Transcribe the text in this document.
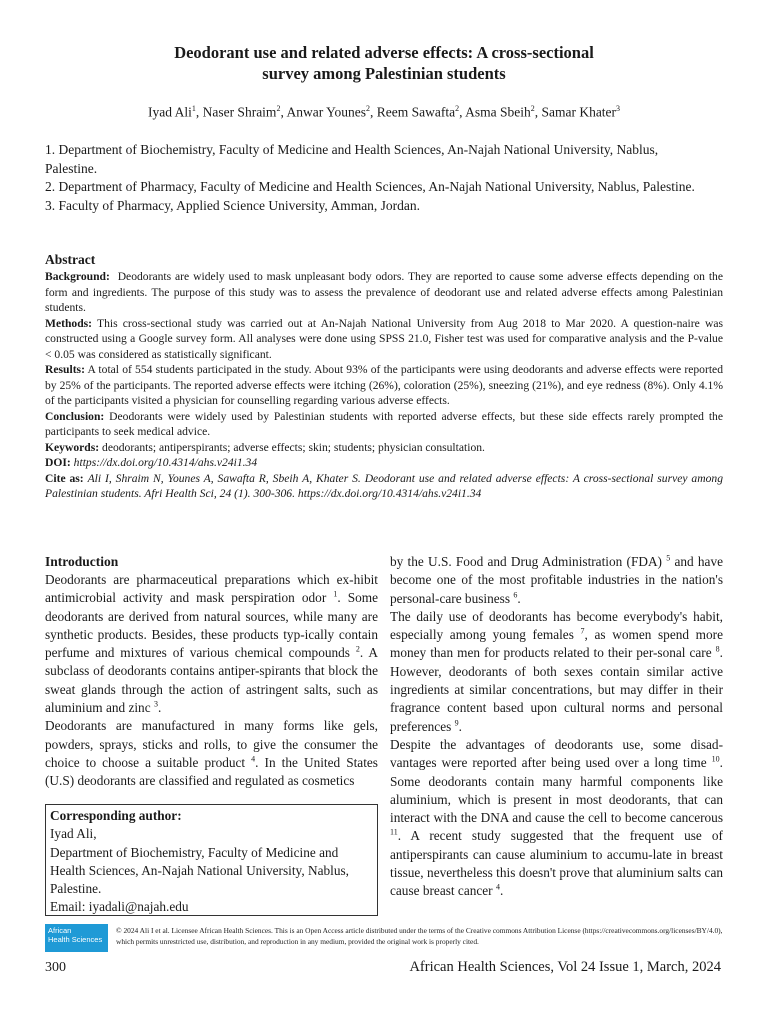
Deodorant use and related adverse effects: A cross-sectional
survey among Palestinian students
Iyad Ali$^1$, Naser Shraim$^2$, Anwar Younes$^2$, Reem Sawafta$^2$, Asma Sbeih$^2$, Samar Khater$^3$

1. Department of Biochemistry, Faculty of Medicine and Health Sciences, An-Najah National University, Nablus, Palestine.

2. Department of Pharmacy, Faculty of Medicine and Health Sciences, An-Najah National University, Nablus, Palestine.

3. Faculty of Pharmacy, Applied Science University, Amman, Jordan.

Abstract

Background: Deodorants are widely used to mask unpleasant body odors. They are reported to cause some adverse effects depending on the form and ingredients. The purpose of this study was to assess the prevalence of deodorant use and related adverse effects among Palestinian students.

Methods: This cross-sectional study was carried out at An-Najah National University from Aug 2018 to Mar 2020. A question-naire was constructed using a Google survey form. All analyses were done using SPSS 21.0, Fisher test was used for comparative analysis and the P-value < 0.05 was considered as statistically significant.

Results: A total of 554 students participated in the study. About 93% of the participants were using deodorants and adverse effects were reported by 25% of the participants. The reported adverse effects were itching (26%), coloration (25%), sneezing (21%), and eye redness (8%). Only 4.1% of the participants visited a physician for counselling regarding various adverse effects.

Conclusion: Deodorants were widely used by Palestinian students with reported adverse effects, but these side effects rarely prompted the participants to seek medical advice.

Keywords: deodorants; antiperspirants; adverse effects; skin; students; physician consultation.

DOI: https://dx.doi.org/10.4314/ahs.v24i1.34

Cite as: Ali I, Shraim N, Younes A, Sawafta R, Sbeih A, Khater S. Deodorant use and related adverse effects: A cross-sectional survey among Palestinian students. Afri Health Sci, 24 (1). 300-306. https://dx.doi.org/10.4314/ahs.v24i1.34

Introduction

Deodorants are pharmaceutical preparations which ex-hibit antimicrobial activity and mask perspiration odor $^1$. Some deodorants are derived from natural sources, while many are synthetic products. Besides, these products typ-ically contain perfume and mixtures of various chemical compounds $^2$. A subclass of deodorants contains antiper-spirants that block the sweat glands through the action of astringent salts, such as aluminium and zinc $^3$.

Deodorants are manufactured in many forms like gels, powders, sprays, sticks and rolls, to give the consumer the choice to choose a suitable product $^4$. In the United States (U.S) deodorants are classified and regulated as cosmetics

Corresponding author:
Iyad Ali,
Department of Biochemistry, Faculty of Medicine and Health Sciences, An-Najah National University, Nablus, Palestine.
Email: iyadali@najah.edu

by the U.S. Food and Drug Administration (FDA) $^5$ and have become one of the most profitable industries in the nation's personal-care business $^6$.

The daily use of deodorants has become everybody's habit, especially among young females $^7$, as women spend more money than men for products related to their per-sonal care $^8$. However, deodorants of both sexes contain similar active ingredients at similar concentrations, but may differ in their fragrance content based upon cultural norms and personal preferences $^9$.

Despite the advantages of deodorants use, some disad-vantages were reported after being used over a long time $^{10}$. Some deodorants contain many harmful components like aluminium, which is present in most deodorants, that can interact with the DNA and cause the cell to become cancerous $^{11}$. A recent study suggested that the frequent use of antiperspirants can cause aluminium to accumu-late in breast tissue, nevertheless this doesn't prove that aluminium salts can cause breast cancer $^4$.

African
Health Sciences
© 2024 Ali I et al. Licensee African Health Sciences. This is an Open Access article distributed under the terms of the Creative commons Attribution License (https://creativecommons.org/licenses/BY/4.0), which permits unrestricted use, distribution, and reproduction in any medium, provided the original work is properly cited.
300	African Health Sciences, Vol 24 Issue 1, March, 2024
